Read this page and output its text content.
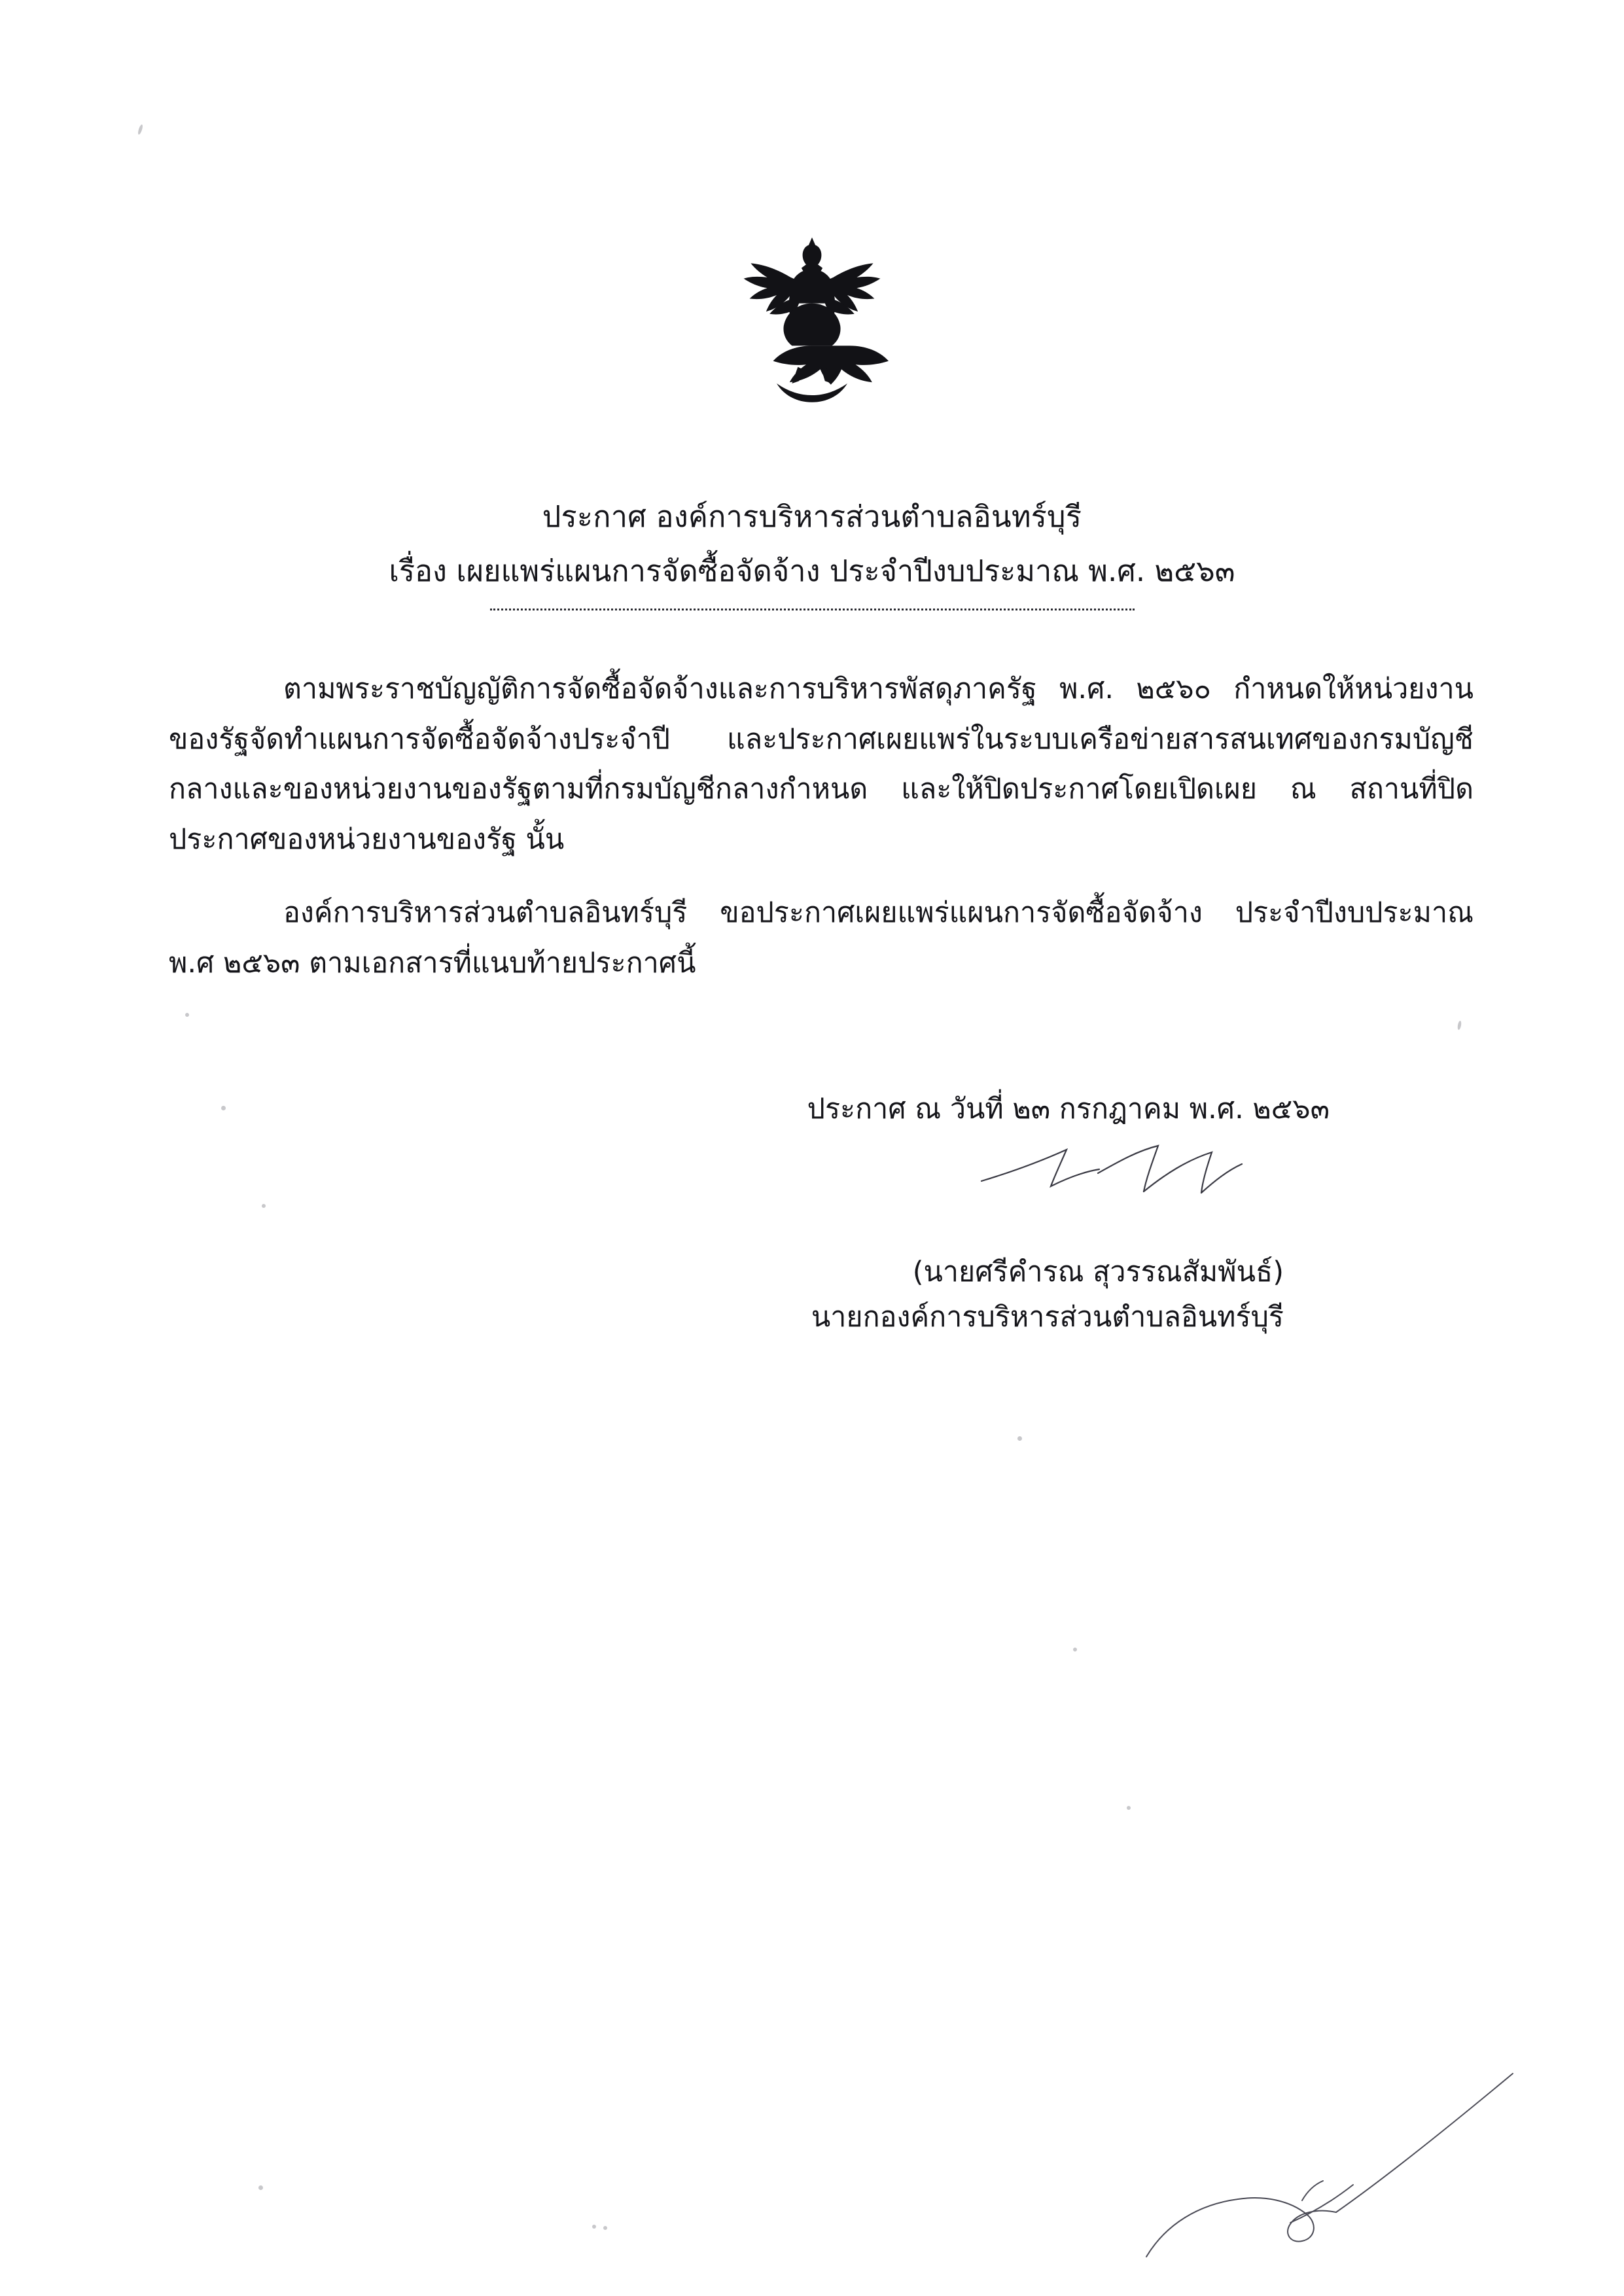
ประกาศ องค์การบริหารส่วนตำบลอินทร์บุรี
เรื่อง เผยแพร่แผนการจัดซื้อจัดจ้าง ประจำปีงบประมาณ พ.ศ. ๒๕๖๓

ตามพระราชบัญญัติการจัดซื้อจัดจ้างและการบริหารพัสดุภาครัฐ พ.ศ. ๒๕๖๐ กำหนดให้หน่วยงานของรัฐจัดทำแผนการจัดซื้อจัดจ้างประจำปี และประกาศเผยแพร่ในระบบเครือข่ายสารสนเทศของกรมบัญชีกลางและของหน่วยงานของรัฐตามที่กรมบัญชีกลางกำหนด และให้ปิดประกาศโดยเปิดเผย ณ สถานที่ปิดประกาศของหน่วยงานของรัฐ นั้น

องค์การบริหารส่วนตำบลอินทร์บุรี ขอประกาศเผยแพร่แผนการจัดซื้อจัดจ้าง ประจำปีงบประมาณ พ.ศ ๒๕๖๓ ตามเอกสารที่แนบท้ายประกาศนี้

ประกาศ ณ วันที่ ๒๓ กรกฎาคม พ.ศ. ๒๕๖๓
(นายศรีคำรณ สุวรรณสัมพันธ์)
นายกองค์การบริหารส่วนตำบลอินทร์บุรี
